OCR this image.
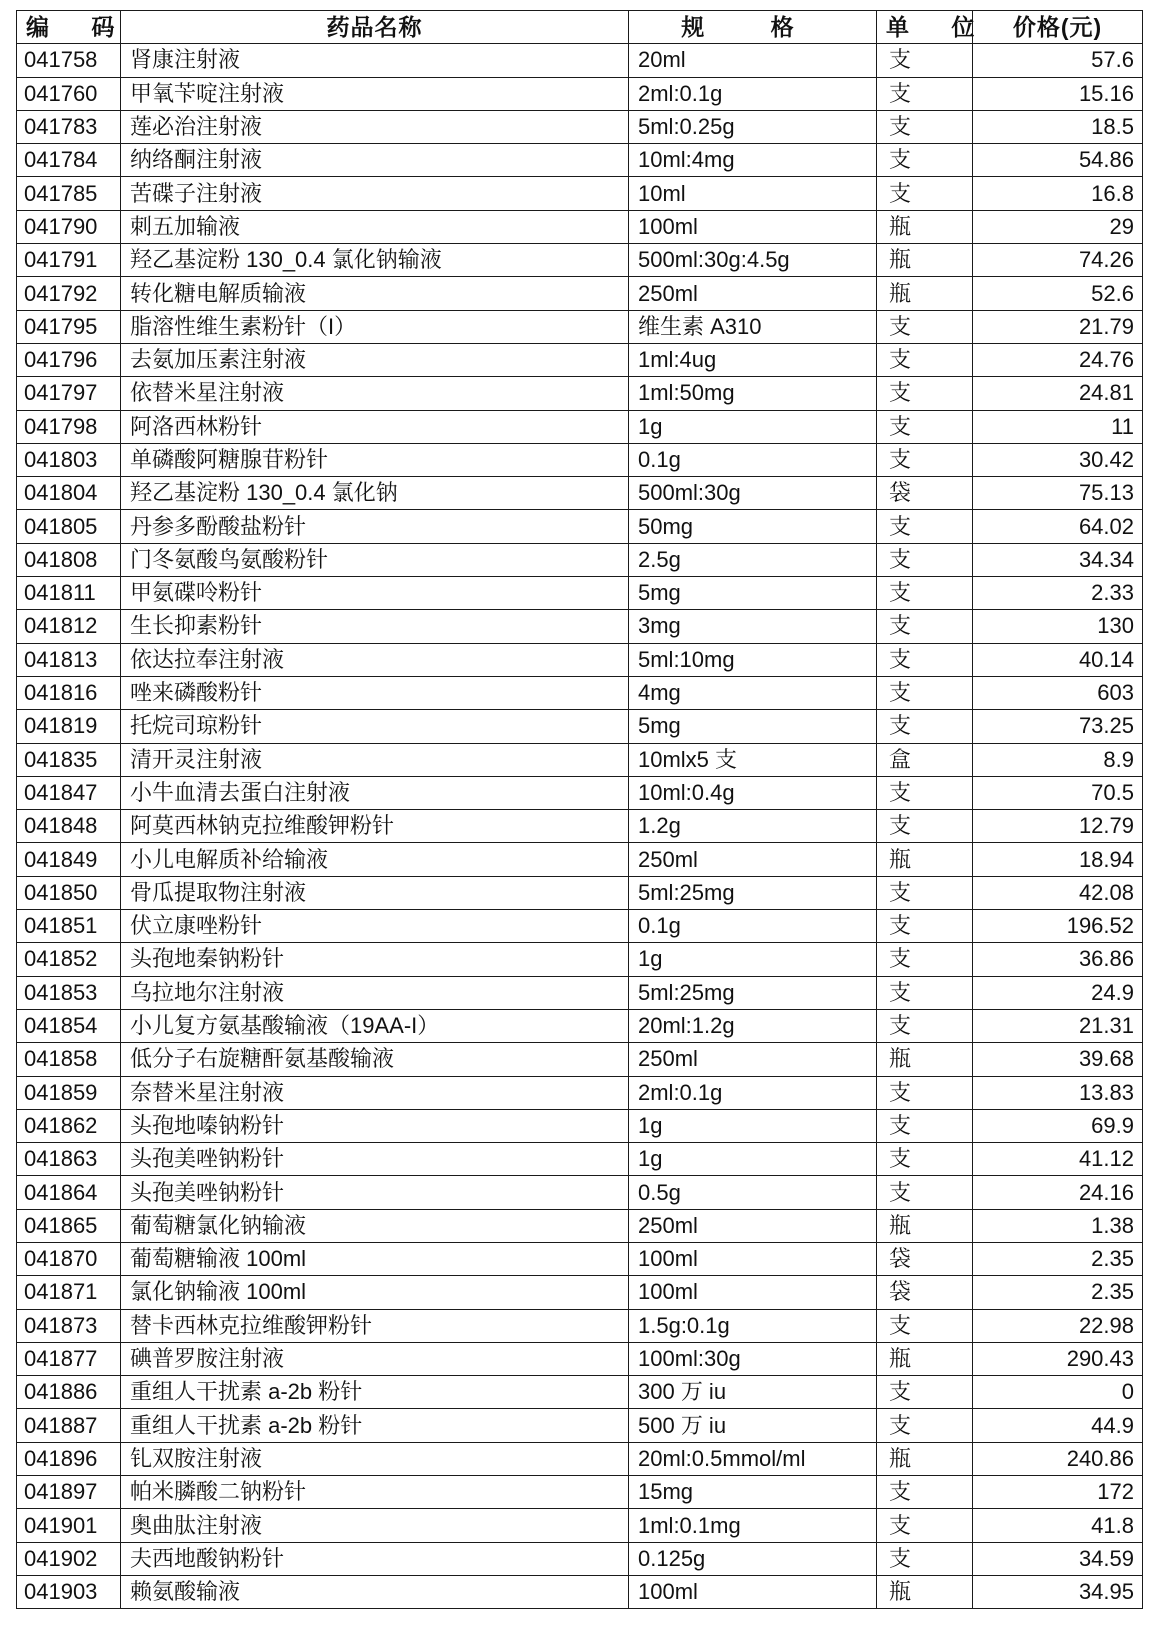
编 码	药品名称	规 格	单 位	价格(元)
041758	肾康注射液	20ml	支	57.6
041760	甲氧苄啶注射液	2ml:0.1g	支	15.16
041783	莲必治注射液	5ml:0.25g	支	18.5
041784	纳络酮注射液	10ml:4mg	支	54.86
041785	苦碟子注射液	10ml	支	16.8
041790	刺五加输液	100ml	瓶	29
041791	羟乙基淀粉 130_0.4 氯化钠输液	500ml:30g:4.5g	瓶	74.26
041792	转化糖电解质输液	250ml	瓶	52.6
041795	脂溶性维生素粉针（I）	维生素 A310	支	21.79
041796	去氨加压素注射液	1ml:4ug	支	24.76
041797	依替米星注射液	1ml:50mg	支	24.81
041798	阿洛西林粉针	1g	支	11
041803	单磷酸阿糖腺苷粉针	0.1g	支	30.42
041804	羟乙基淀粉 130_0.4 氯化钠	500ml:30g	袋	75.13
041805	丹参多酚酸盐粉针	50mg	支	64.02
041808	门冬氨酸鸟氨酸粉针	2.5g	支	34.34
041811	甲氨碟呤粉针	5mg	支	2.33
041812	生长抑素粉针	3mg	支	130
041813	依达拉奉注射液	5ml:10mg	支	40.14
041816	唑来磷酸粉针	4mg	支	603
041819	托烷司琼粉针	5mg	支	73.25
041835	清开灵注射液	10mlx5 支	盒	8.9
041847	小牛血清去蛋白注射液	10ml:0.4g	支	70.5
041848	阿莫西林钠克拉维酸钾粉针	1.2g	支	12.79
041849	小儿电解质补给输液	250ml	瓶	18.94
041850	骨瓜提取物注射液	5ml:25mg	支	42.08
041851	伏立康唑粉针	0.1g	支	196.52
041852	头孢地秦钠粉针	1g	支	36.86
041853	乌拉地尔注射液	5ml:25mg	支	24.9
041854	小儿复方氨基酸输液（19AA-I）	20ml:1.2g	支	21.31
041858	低分子右旋糖酐氨基酸输液	250ml	瓶	39.68
041859	奈替米星注射液	2ml:0.1g	支	13.83
041862	头孢地嗪钠粉针	1g	支	69.9
041863	头孢美唑钠粉针	1g	支	41.12
041864	头孢美唑钠粉针	0.5g	支	24.16
041865	葡萄糖氯化钠输液	250ml	瓶	1.38
041870	葡萄糖输液 100ml	100ml	袋	2.35
041871	氯化钠输液 100ml	100ml	袋	2.35
041873	替卡西林克拉维酸钾粉针	1.5g:0.1g	支	22.98
041877	碘普罗胺注射液	100ml:30g	瓶	290.43
041886	重组人干扰素 a-2b 粉针	300 万 iu	支	0
041887	重组人干扰素 a-2b 粉针	500 万 iu	支	44.9
041896	钆双胺注射液	20ml:0.5mmol/ml	瓶	240.86
041897	帕米膦酸二钠粉针	15mg	支	172
041901	奥曲肽注射液	1ml:0.1mg	支	41.8
041902	夫西地酸钠粉针	0.125g	支	34.59
041903	赖氨酸输液	100ml	瓶	34.95
